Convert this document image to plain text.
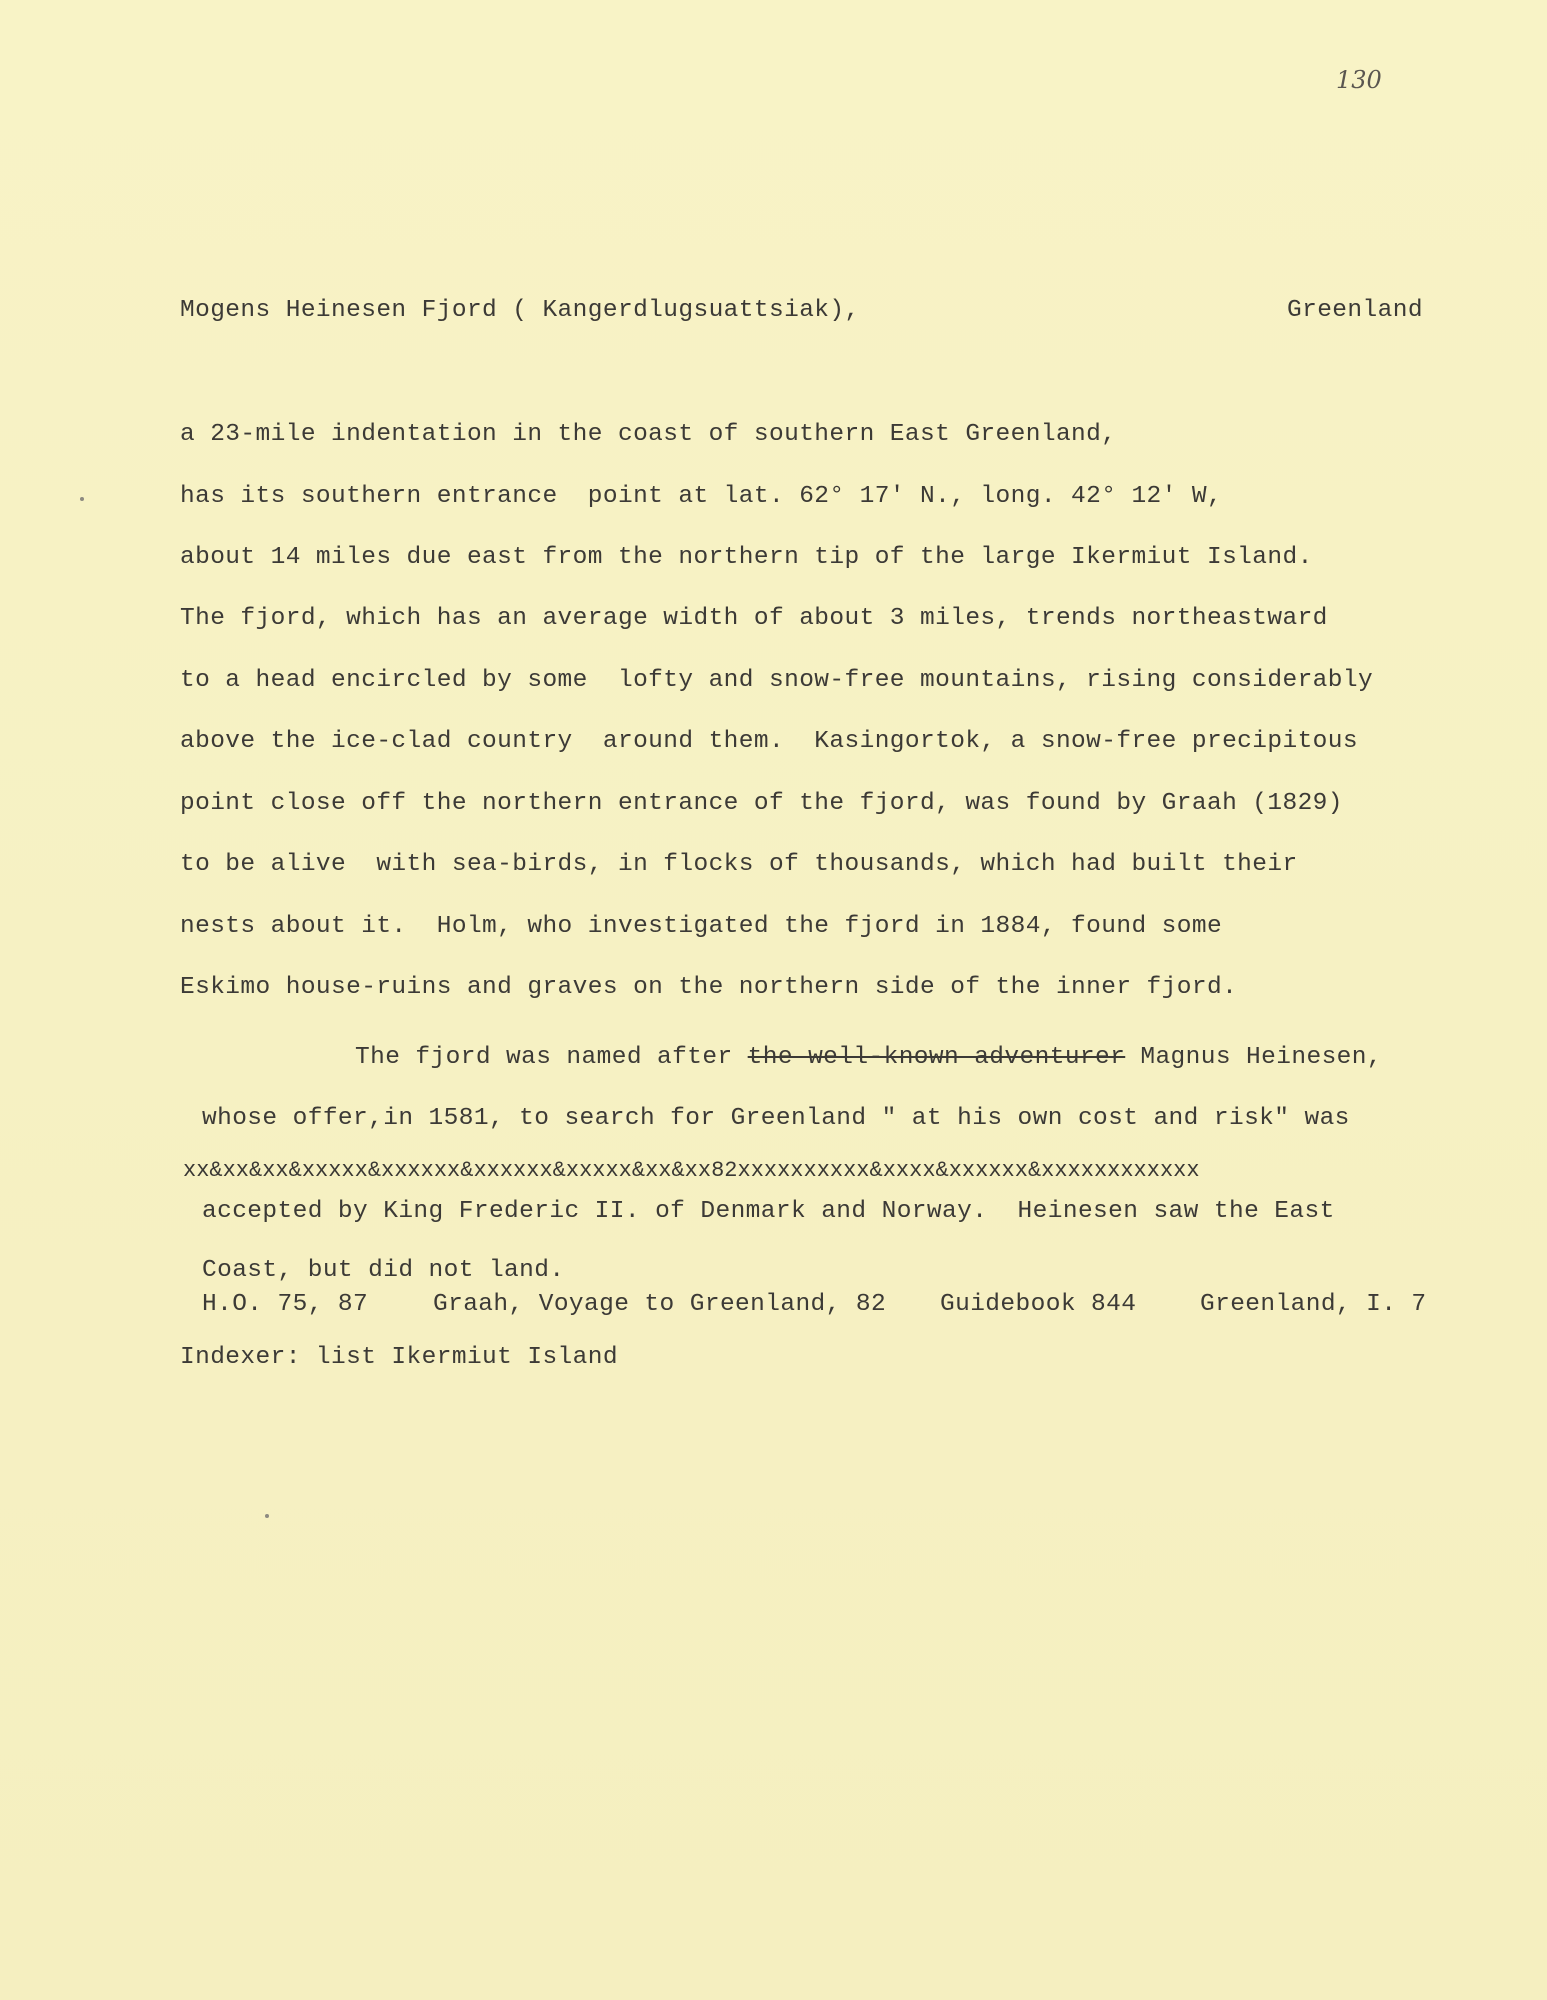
130
Mogens Heinesen Fjord ( Kangerdlugsuattsiak),	Greenland
a 23-mile indentation in the coast of southern East Greenland,
has its southern entrance  point at lat. 62° 17' N., long. 42° 12' W,
about 14 miles due east from the northern tip of the large Ikermiut Island.
The fjord, which has an average width of about 3 miles, trends northeastward
to a head encircled by some  lofty and snow-free mountains, rising considerably
above the ice-clad country  around them.  Kasingortok, a snow-free precipitous
point close off the northern entrance of the fjord, was found by Graah (1829)
to be alive  with sea-birds, in flocks of thousands, which had built their
nests about it.  Holm, who investigated the fjord in 1884, found some
Eskimo house-ruins and graves on the northern side of the inner fjord.
The fjord was named after the well-known adventurer Magnus Heinesen,
whose offer,in 1581, to search for Greenland " at his own cost and risk" was
xx&xx&xx&xxxxx&xxxxxx&xxxxxx&xxxxx&xx&xx82xxxxxxxxxx&xxxx&xxxxxx&xxxxxxxxxxxx
accepted by King Frederic II. of Denmark and Norway.  Heinesen saw the East
Coast, but did not land.
H.O. 75, 87	Graah, Voyage to Greenland, 82 Guidebook 844	Greenland, I. 7
Indexer: list Ikermiut Island
